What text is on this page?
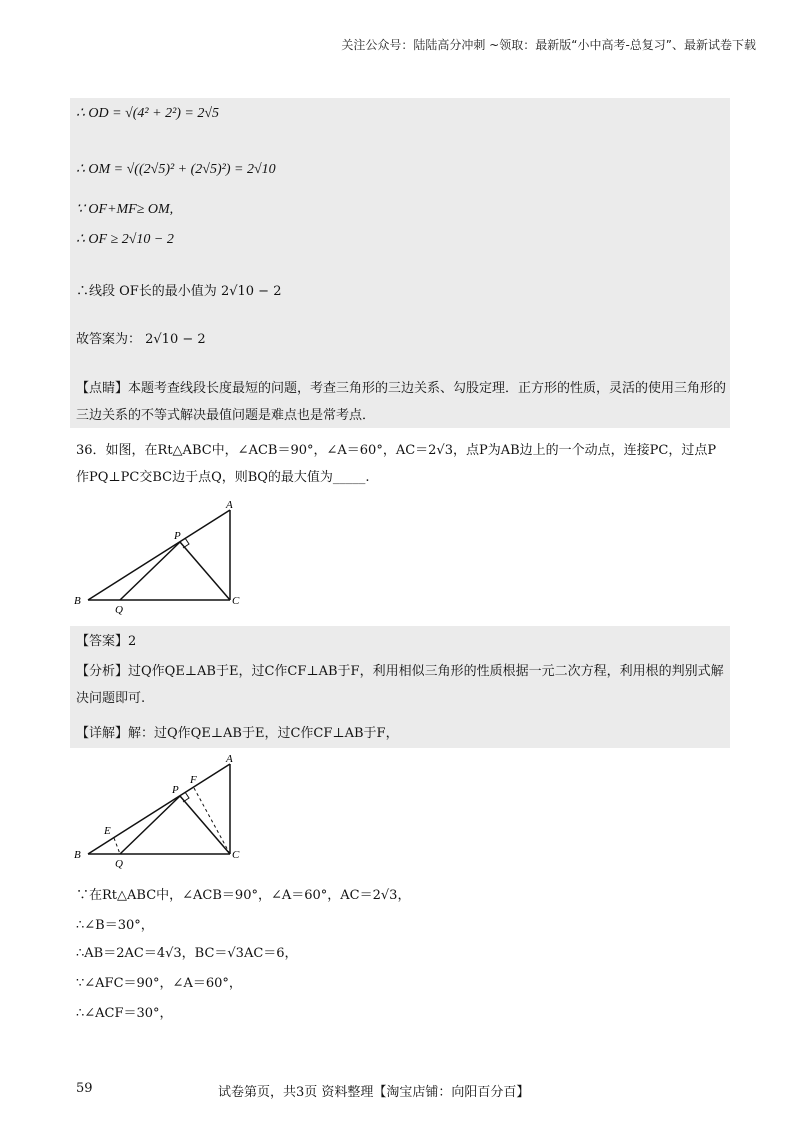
关注公众号：陆陆高分冲刺 ~领取：最新版“小中高考-总复习”、最新试卷下载
∴ OD = √(4² + 2²) = 2√5
∴ OM = √((2√5)² + (2√5)²) = 2√10
∵ OF+MF≥ OM,
∴ OF ≥ 2√10 − 2
∴线段 OF长的最小值为 2√10 − 2
故答案为： 2√10 − 2
【点睛】本题考查线段长度最短的问题，考查三角形的三边关系、勾股定理．正方形的性质，灵活的使用三角形的三边关系的不等式解决最值问题是难点也是常考点．
36．如图，在Rt△ABC中，∠ACB＝90°，∠A＝60°，AC＝2√3，点P为AB边上的一个动点，连接PC，过点P作PQ⊥PC交BC边于点Q，则BQ的最大值为_____.
A
P
B
Q
C
【答案】2
【分析】过Q作QE⊥AB于E，过C作CF⊥AB于F，利用相似三角形的性质根据一元二次方程，利用根的判别式解决问题即可.
【详解】解：过Q作QE⊥AB于E，过C作CF⊥AB于F，
A
F
P
E
B
Q
C
∵在Rt△ABC中，∠ACB＝90°，∠A＝60°，AC＝2√3，
∴∠B＝30°，
∴AB＝2AC＝4√3，BC＝√3AC＝6，
∵∠AFC＝90°，∠A＝60°，
∴∠ACF＝30°，
59	试卷第页，共3页 资料整理【淘宝店铺：向阳百分百】
